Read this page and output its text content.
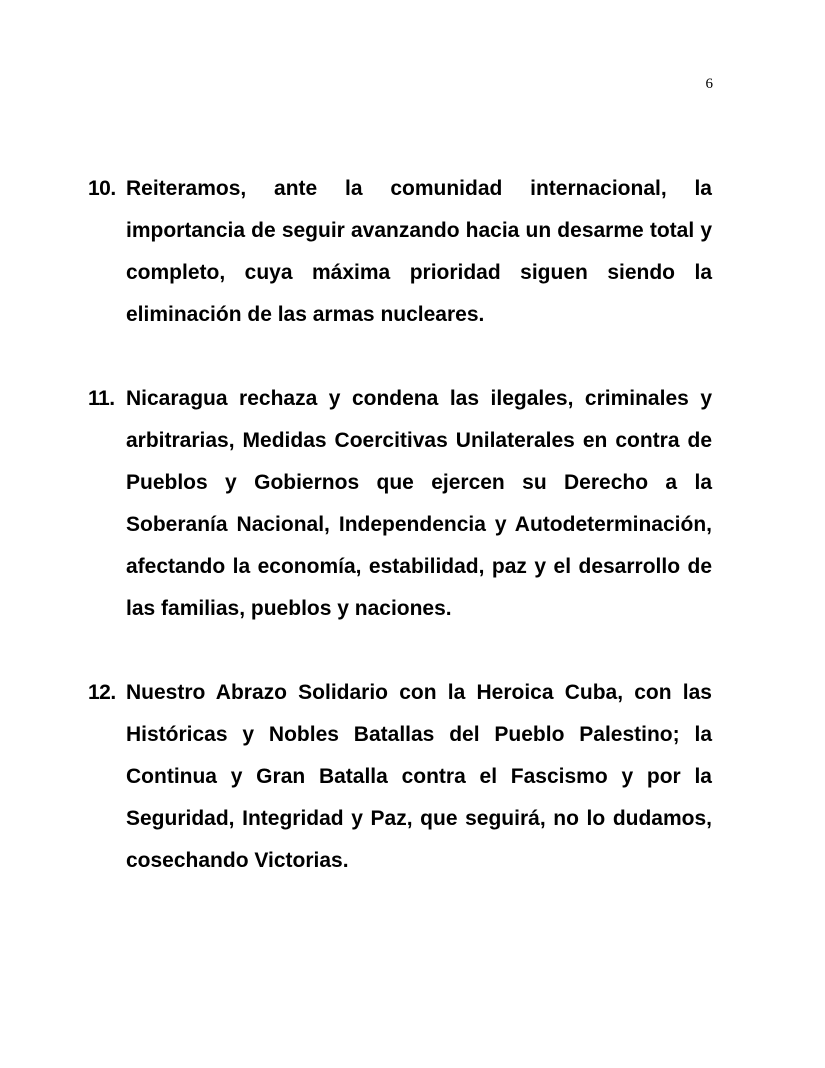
6
10. Reiteramos, ante la comunidad internacional, la importancia de seguir avanzando hacia un desarme total y completo, cuya máxima prioridad siguen siendo la eliminación de las armas nucleares.
11. Nicaragua rechaza y condena las ilegales, criminales y arbitrarias, Medidas Coercitivas Unilaterales en contra de Pueblos y Gobiernos que ejercen su Derecho a la Soberanía Nacional, Independencia y Autodeterminación, afectando la economía, estabilidad, paz y el desarrollo de las familias, pueblos y naciones.
12. Nuestro Abrazo Solidario con la Heroica Cuba, con las Históricas y Nobles Batallas del Pueblo Palestino; la Continua y Gran Batalla contra el Fascismo y por la Seguridad, Integridad y Paz, que seguirá, no lo dudamos, cosechando Victorias.
